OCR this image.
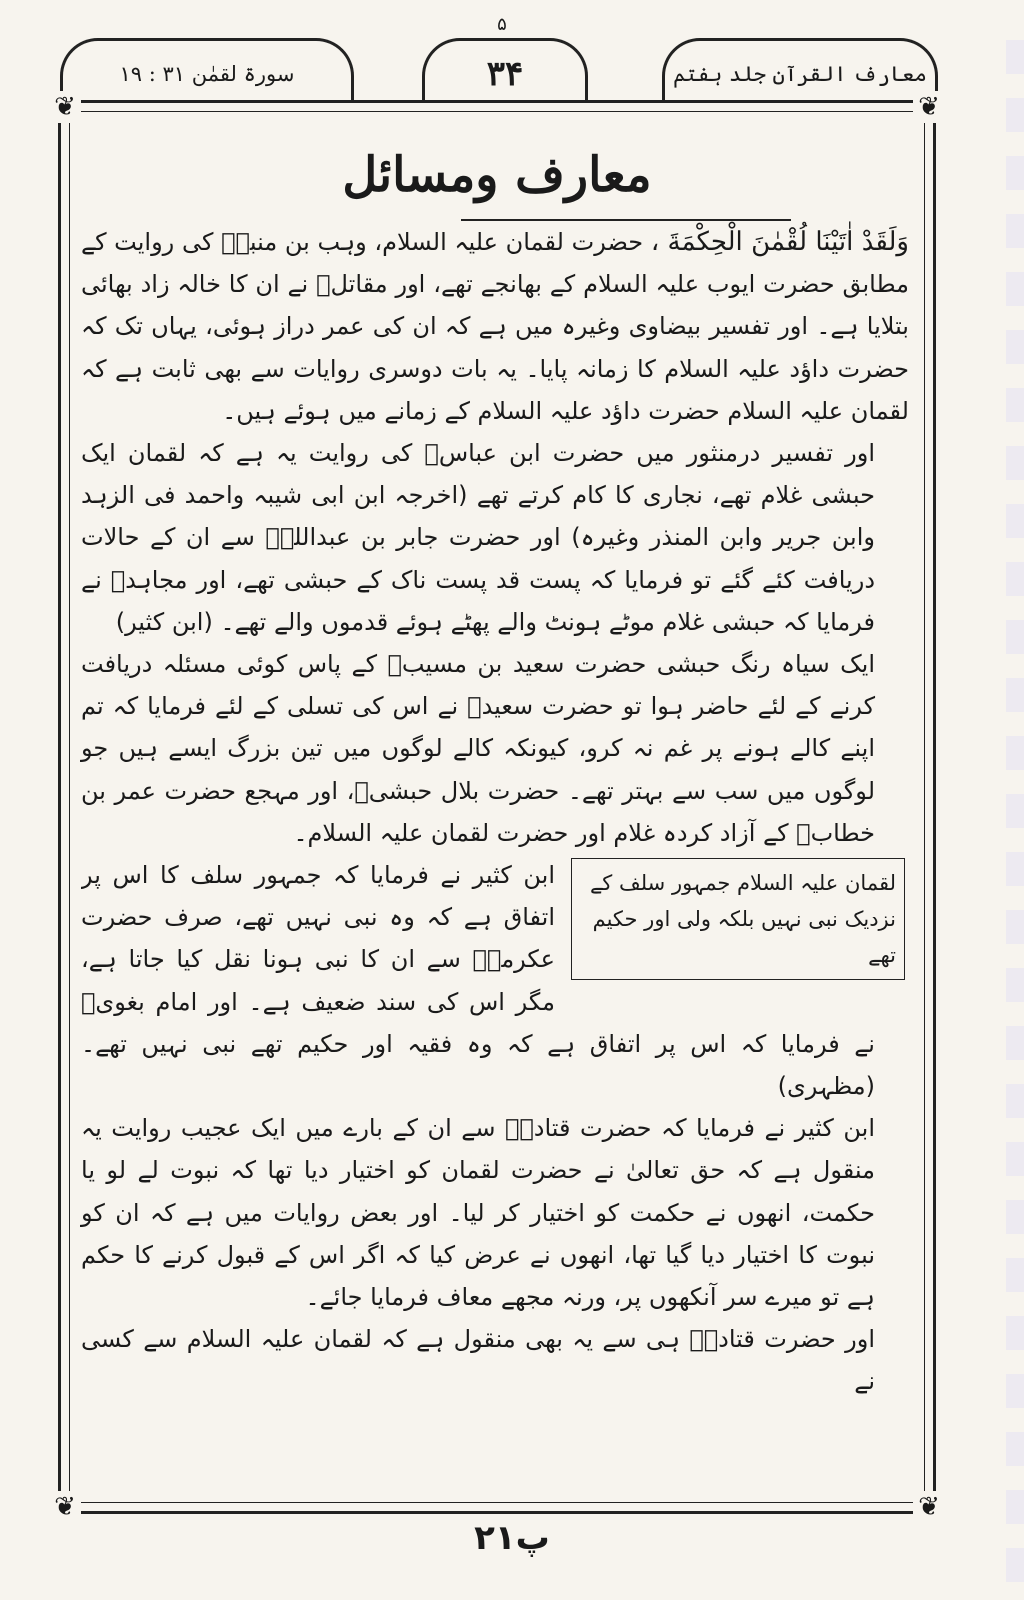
۵
سورۃ لقمٰن ۳۱ : ۱۹	۳۴	معارف القرآن جلد ہفتم
❦	❦
❦	❦
معارف ومسائل

وَلَقَدْ اٰتَيْنَا لُقْمٰنَ الْحِكْمَةَ ، حضرت لقمان علیہ السلام، وہب بن منبہؒ کی روایت کے مطابق حضرت ایوب علیہ السلام کے بھانجے تھے، اور مقاتلؒ نے ان کا خالہ زاد بھائی بتلایا ہے۔ اور تفسیر بیضاوی وغیرہ میں ہے کہ ان کی عمر دراز ہوئی، یہاں تک کہ حضرت داؤد علیہ السلام کا زمانہ پایا۔ یہ بات دوسری روایات سے بھی ثابت ہے کہ لقمان علیہ السلام حضرت داؤد علیہ السلام کے زمانے میں ہوئے ہیں۔

اور تفسیر درمنثور میں حضرت ابن عباسؓ کی روایت یہ ہے کہ لقمان ایک حبشی غلام تھے، نجاری کا کام کرتے تھے (اخرجہ ابن ابی شیبہ واحمد فی الزہد وابن جریر وابن المنذر وغیرہ) اور حضرت جابر بن عبداللہؓ سے ان کے حالات دریافت کئے گئے تو فرمایا کہ پست قد پست ناک کے حبشی تھے، اور مجاہدؒ نے فرمایا کہ حبشی غلام موٹے ہونٹ والے پھٹے ہوئے قدموں والے تھے۔ (ابن کثیر)

ایک سیاہ رنگ حبشی حضرت سعید بن مسیبؒ کے پاس کوئی مسئلہ دریافت کرنے کے لئے حاضر ہوا تو حضرت سعیدؒ نے اس کی تسلی کے لئے فرمایا کہ تم اپنے کالے ہونے پر غم نہ کرو، کیونکہ کالے لوگوں میں تین بزرگ ایسے ہیں جو لوگوں میں سب سے بہتر تھے۔ حضرت بلال حبشیؓ، اور مہجع حضرت عمر بن خطابؓ کے آزاد کردہ غلام اور حضرت لقمان علیہ السلام۔

لقمان علیہ السلام جمہور سلف کے نزدیک نبی نہیں بلکہ ولی اور حکیم تھے

ابن کثیر نے فرمایا کہ جمہور سلف کا اس پر اتفاق ہے کہ وہ نبی نہیں تھے، صرف حضرت عکرمہؒ سے ان کا نبی ہونا نقل کیا جاتا ہے، مگر اس کی سند ضعیف ہے۔ اور امام بغویؒ نے فرمایا کہ اس پر اتفاق ہے کہ وہ فقیہ اور حکیم تھے نبی نہیں تھے۔ (مظہری)

ابن کثیر نے فرمایا کہ حضرت قتادہؓ سے ان کے بارے میں ایک عجیب روایت یہ منقول ہے کہ حق تعالیٰ نے حضرت لقمان کو اختیار دیا تھا کہ نبوت لے لو یا حکمت، انھوں نے حکمت کو اختیار کر لیا۔ اور بعض روایات میں ہے کہ ان کو نبوت کا اختیار دیا گیا تھا، انھوں نے عرض کیا کہ اگر اس کے قبول کرنے کا حکم ہے تو میرے سر آنکھوں پر، ورنہ مجھے معاف فرمایا جائے۔

اور حضرت قتادہؓ ہی سے یہ بھی منقول ہے کہ لقمان علیہ السلام سے کسی نے

۲۱پ
